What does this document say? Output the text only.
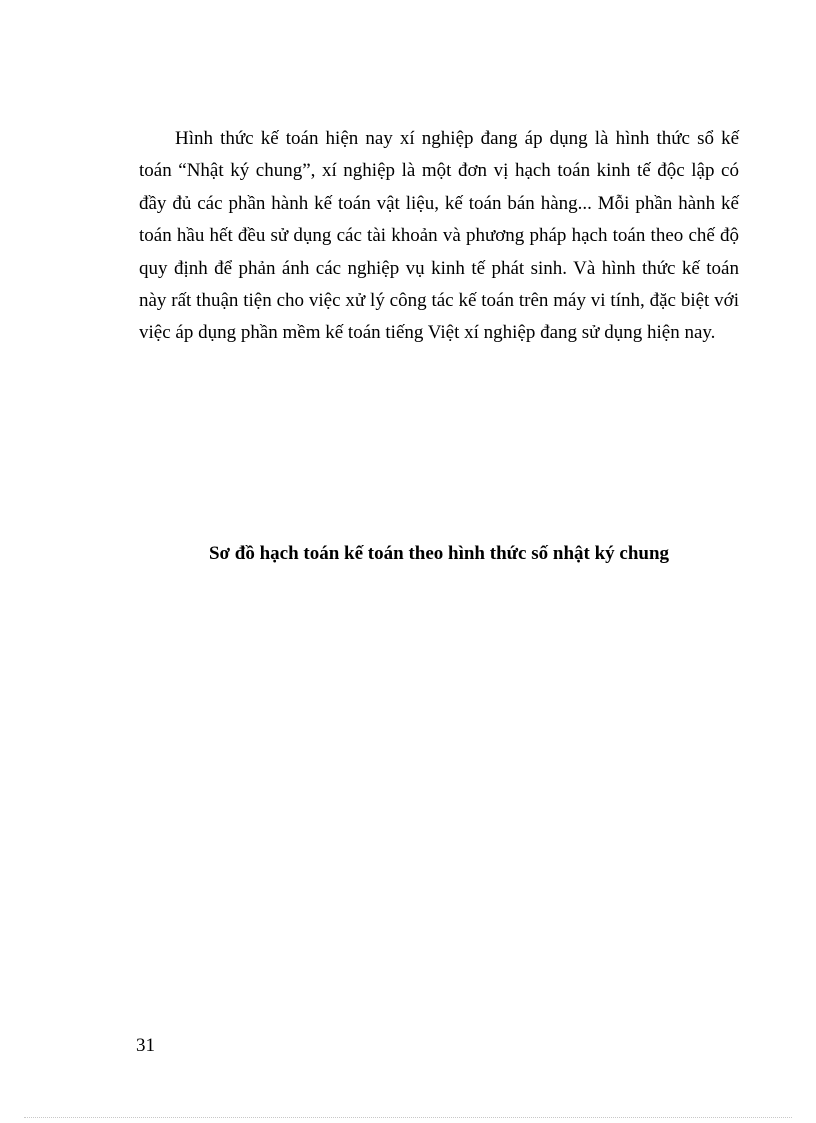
Hình thức kế toán hiện nay xí nghiệp đang áp dụng là hình thức sổ kế toán “Nhật ký chung”, xí nghiệp là một đơn vị hạch toán kinh tế độc lập có đầy đủ các phần hành kế toán vật liệu, kế toán bán hàng... Mỗi phần hành kế toán hầu hết đều sử dụng các tài khoản và phương pháp hạch toán theo chế độ quy định để phản ánh các nghiệp vụ kinh tế phát sinh. Và hình thức kế toán này rất thuận tiện cho việc xử lý công tác kế toán trên máy vi tính, đặc biệt với việc áp dụng phần mềm kế toán tiếng Việt xí nghiệp đang sử dụng hiện nay.

Sơ đồ hạch toán kế toán theo hình thức số nhật ký chung
31
